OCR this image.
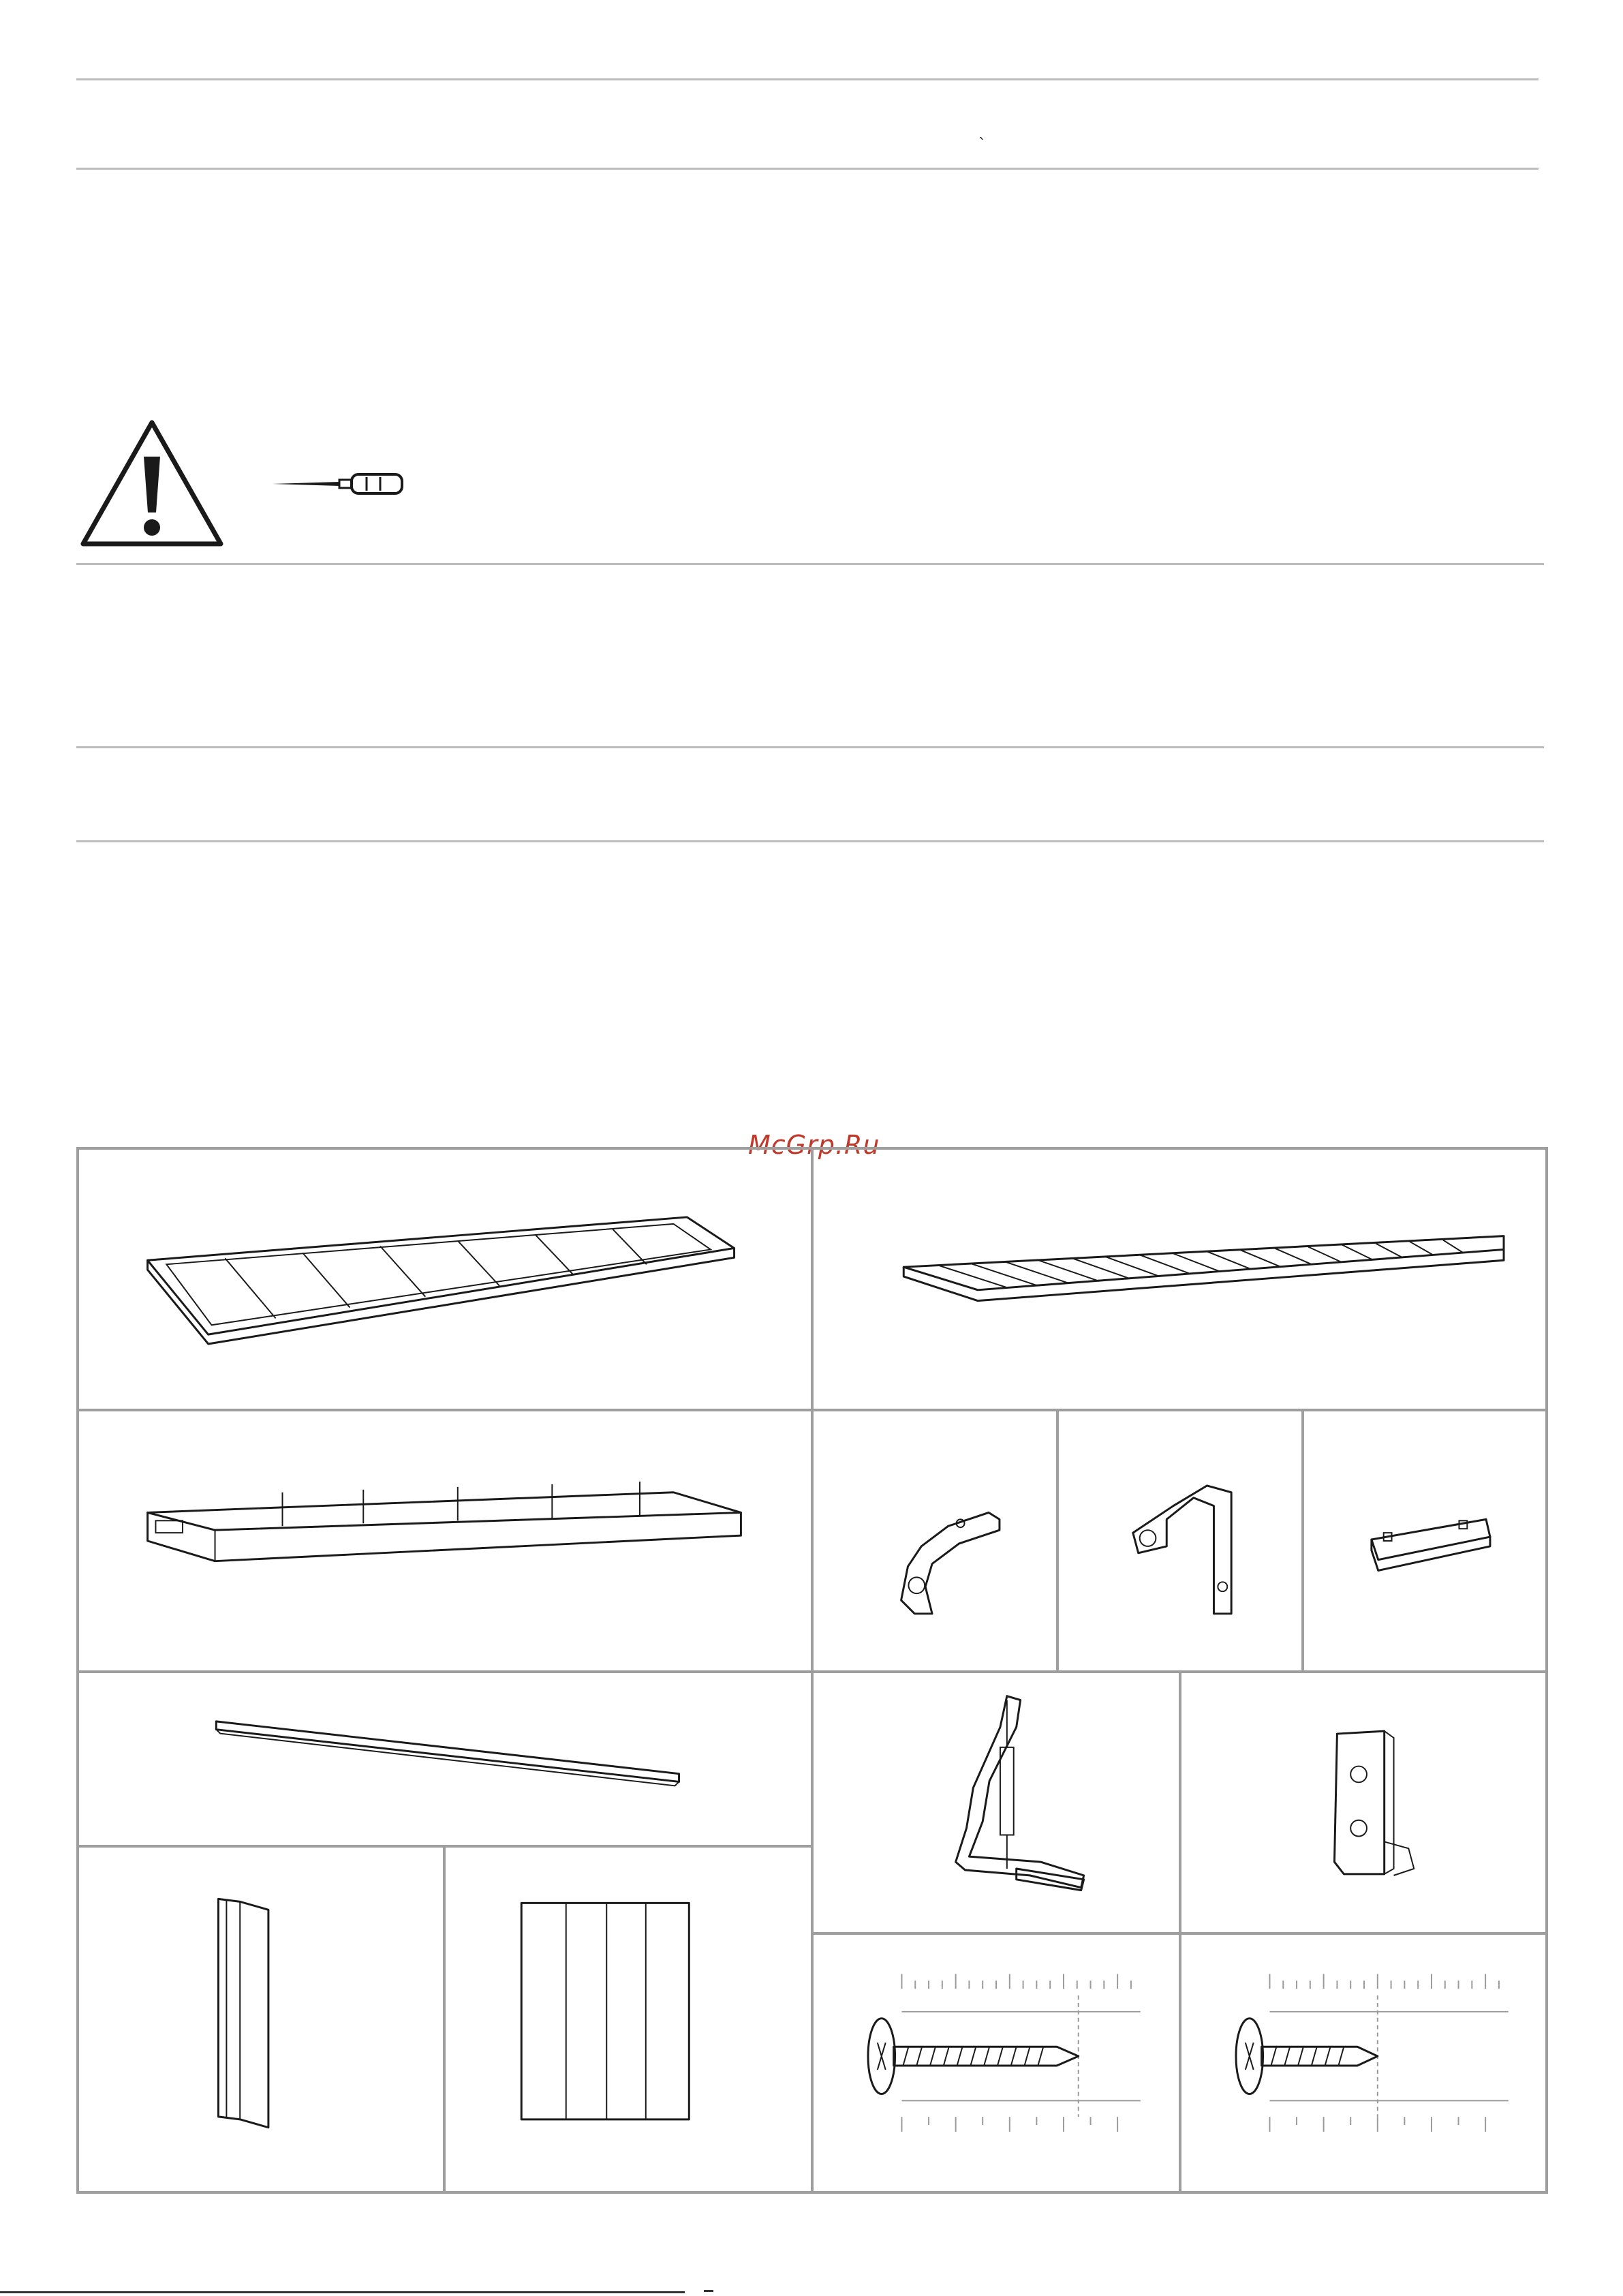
`
McGrp.Ru
